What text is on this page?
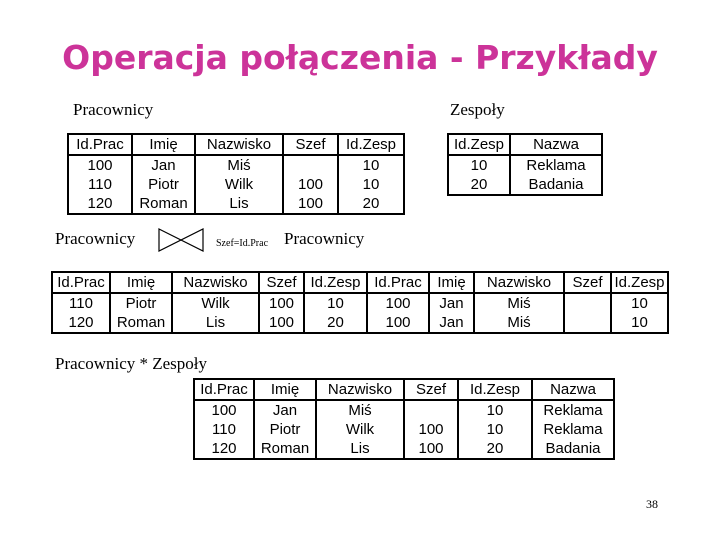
Operacja połączenia - Przykłady
Pracownicy	Zespoły
Id.Prac	Imię	Nazwisko	Szef	Id.Zesp
100	Jan	Miś		10
110	Piotr	Wilk	100	10
120	Roman	Lis	100	20
Id.Zesp	Nazwa
10	Reklama
20	Badania
Pracownicy	Szef=Id.Prac Pracownicy
Id.Prac	Imię	Nazwisko	Szef	Id.Zesp	Id.Prac	Imię	Nazwisko	Szef	Id.Zesp
110	Piotr	Wilk	100	10	100	Jan	Miś		10
120	Roman	Lis	100	20	100	Jan	Miś		10
Pracownicy * Zespoły
Id.Prac	Imię	Nazwisko	Szef	Id.Zesp	Nazwa
100	Jan	Miś		10	Reklama
110	Piotr	Wilk	100	10	Reklama
120	Roman	Lis	100	20	Badania
38
